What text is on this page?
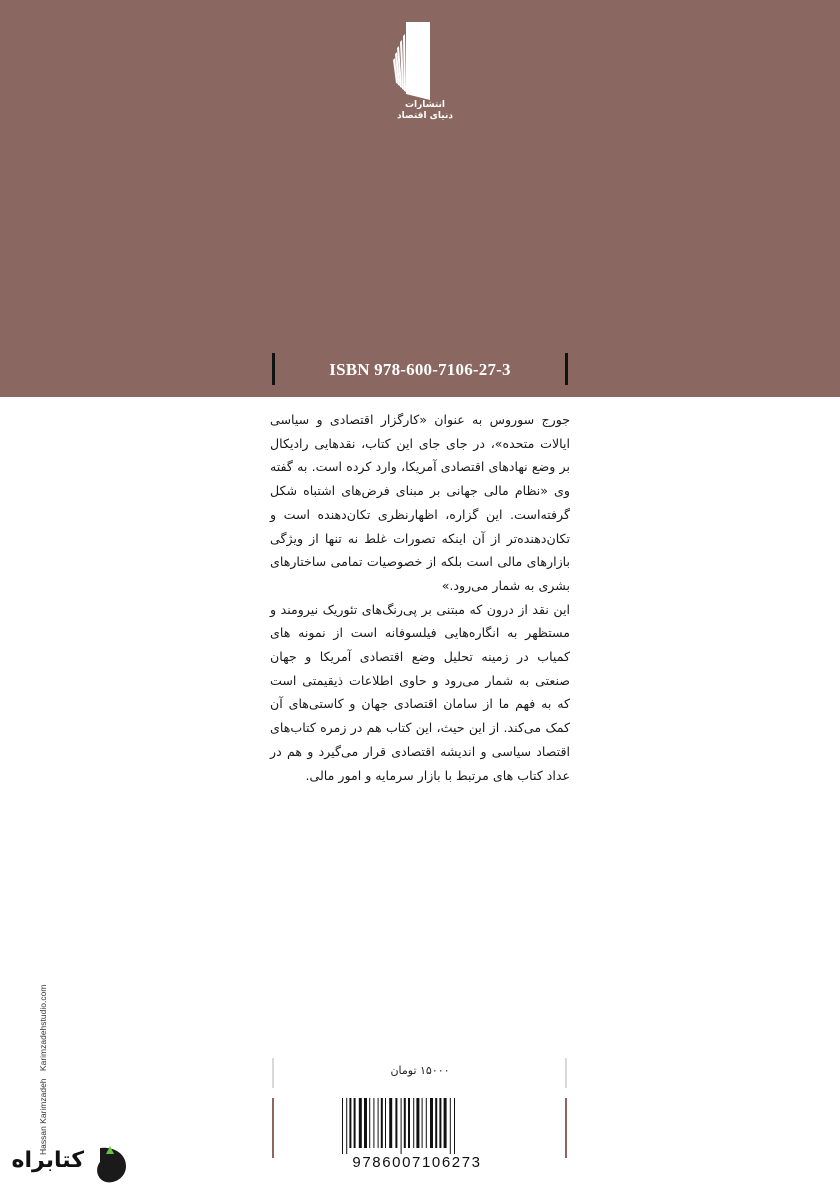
انتشارات
دنیای اقتصاد
ISBN 978-600-7106-27-3

جورج سوروس به عنوان «کارگزار اقتصادی و سیاسی ایالات متحده»، در جای جای این کتاب، نقدهایی رادیکال بر وضع نهادهای اقتصادی آمریکا، وارد کرده است. به گفته وی «نظام مالی جهانی بر مبنای فرض‌های اشتباه شکل گرفته‌است. این گزاره، اظهارنظری تکان‌دهنده است و تکان‌دهنده‌تر از آن اینکه تصورات غلط نه تنها از ویژگی بازارهای مالی است بلکه از خصوصیات تمامی ساختارهای بشری به شمار می‌رود.»

این نقد از درون که مبتنی بر پی‌رنگ‌های تئوریک نیرومند و مستظهر به انگاره‌هایی فیلسوفانه است از نمونه‌ های کمیاب در زمینه تحلیل وضع اقتصادی آمریکا و جهان صنعتی به شمار می‌رود و حاوی اطلاعات ذیقیمتی است که به فهم ما از سامان اقتصادی جهان و کاستی‌های آن کمک می‌کند. از این حیث، این کتاب هم در زمره کتاب‌های اقتصاد سیاسی و اندیشه اقتصادی قرار می‌گیرد و هم در عداد کتاب‌ های مرتبط با بازار سرمایه و امور مالی.

۱۵۰۰۰ تومان
9786007106273
Hassan Karimzadeh Karimzadehstudio.com
کتابراه
